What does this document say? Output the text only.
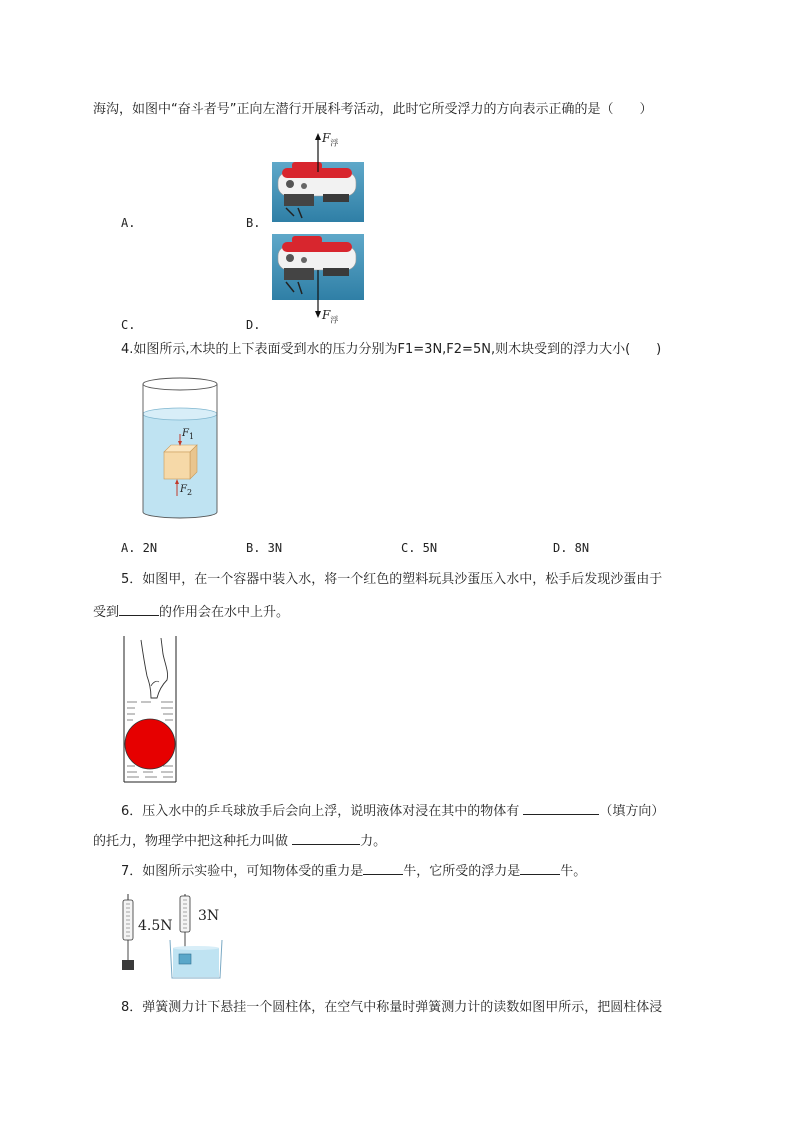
海沟，如图中“奋斗者号”正向左潜行开展科考活动，此时它所受浮力的方向表示正确的是（　　）
$F_浮$
$F_浮$
A.	B.
C.	D.
4.如图所示,木块的上下表面受到水的压力分别为F1=3N,F2=5N,则木块受到的浮力大小(　　)
$F_1$
$F_2$
A. 2N	B. 3N	C. 5N	D. 8N
5．如图甲，在一个容器中装入水，将一个红色的塑料玩具沙蛋压入水中，松手后发现沙蛋由于
受到	的作用会在水中上升。
6．压入水中的乒乓球放手后会向上浮，说明液体对浸在其中的物体有	（填方向）
的托力，物理学中把这种托力叫做	力。
7．如图所示实验中，可知物体受的重力是	牛，它所受的浮力是	牛。
4.5N
3N
8．弹簧测力计下悬挂一个圆柱体，在空气中称量时弹簧测力计的读数如图甲所示，把圆柱体浸
